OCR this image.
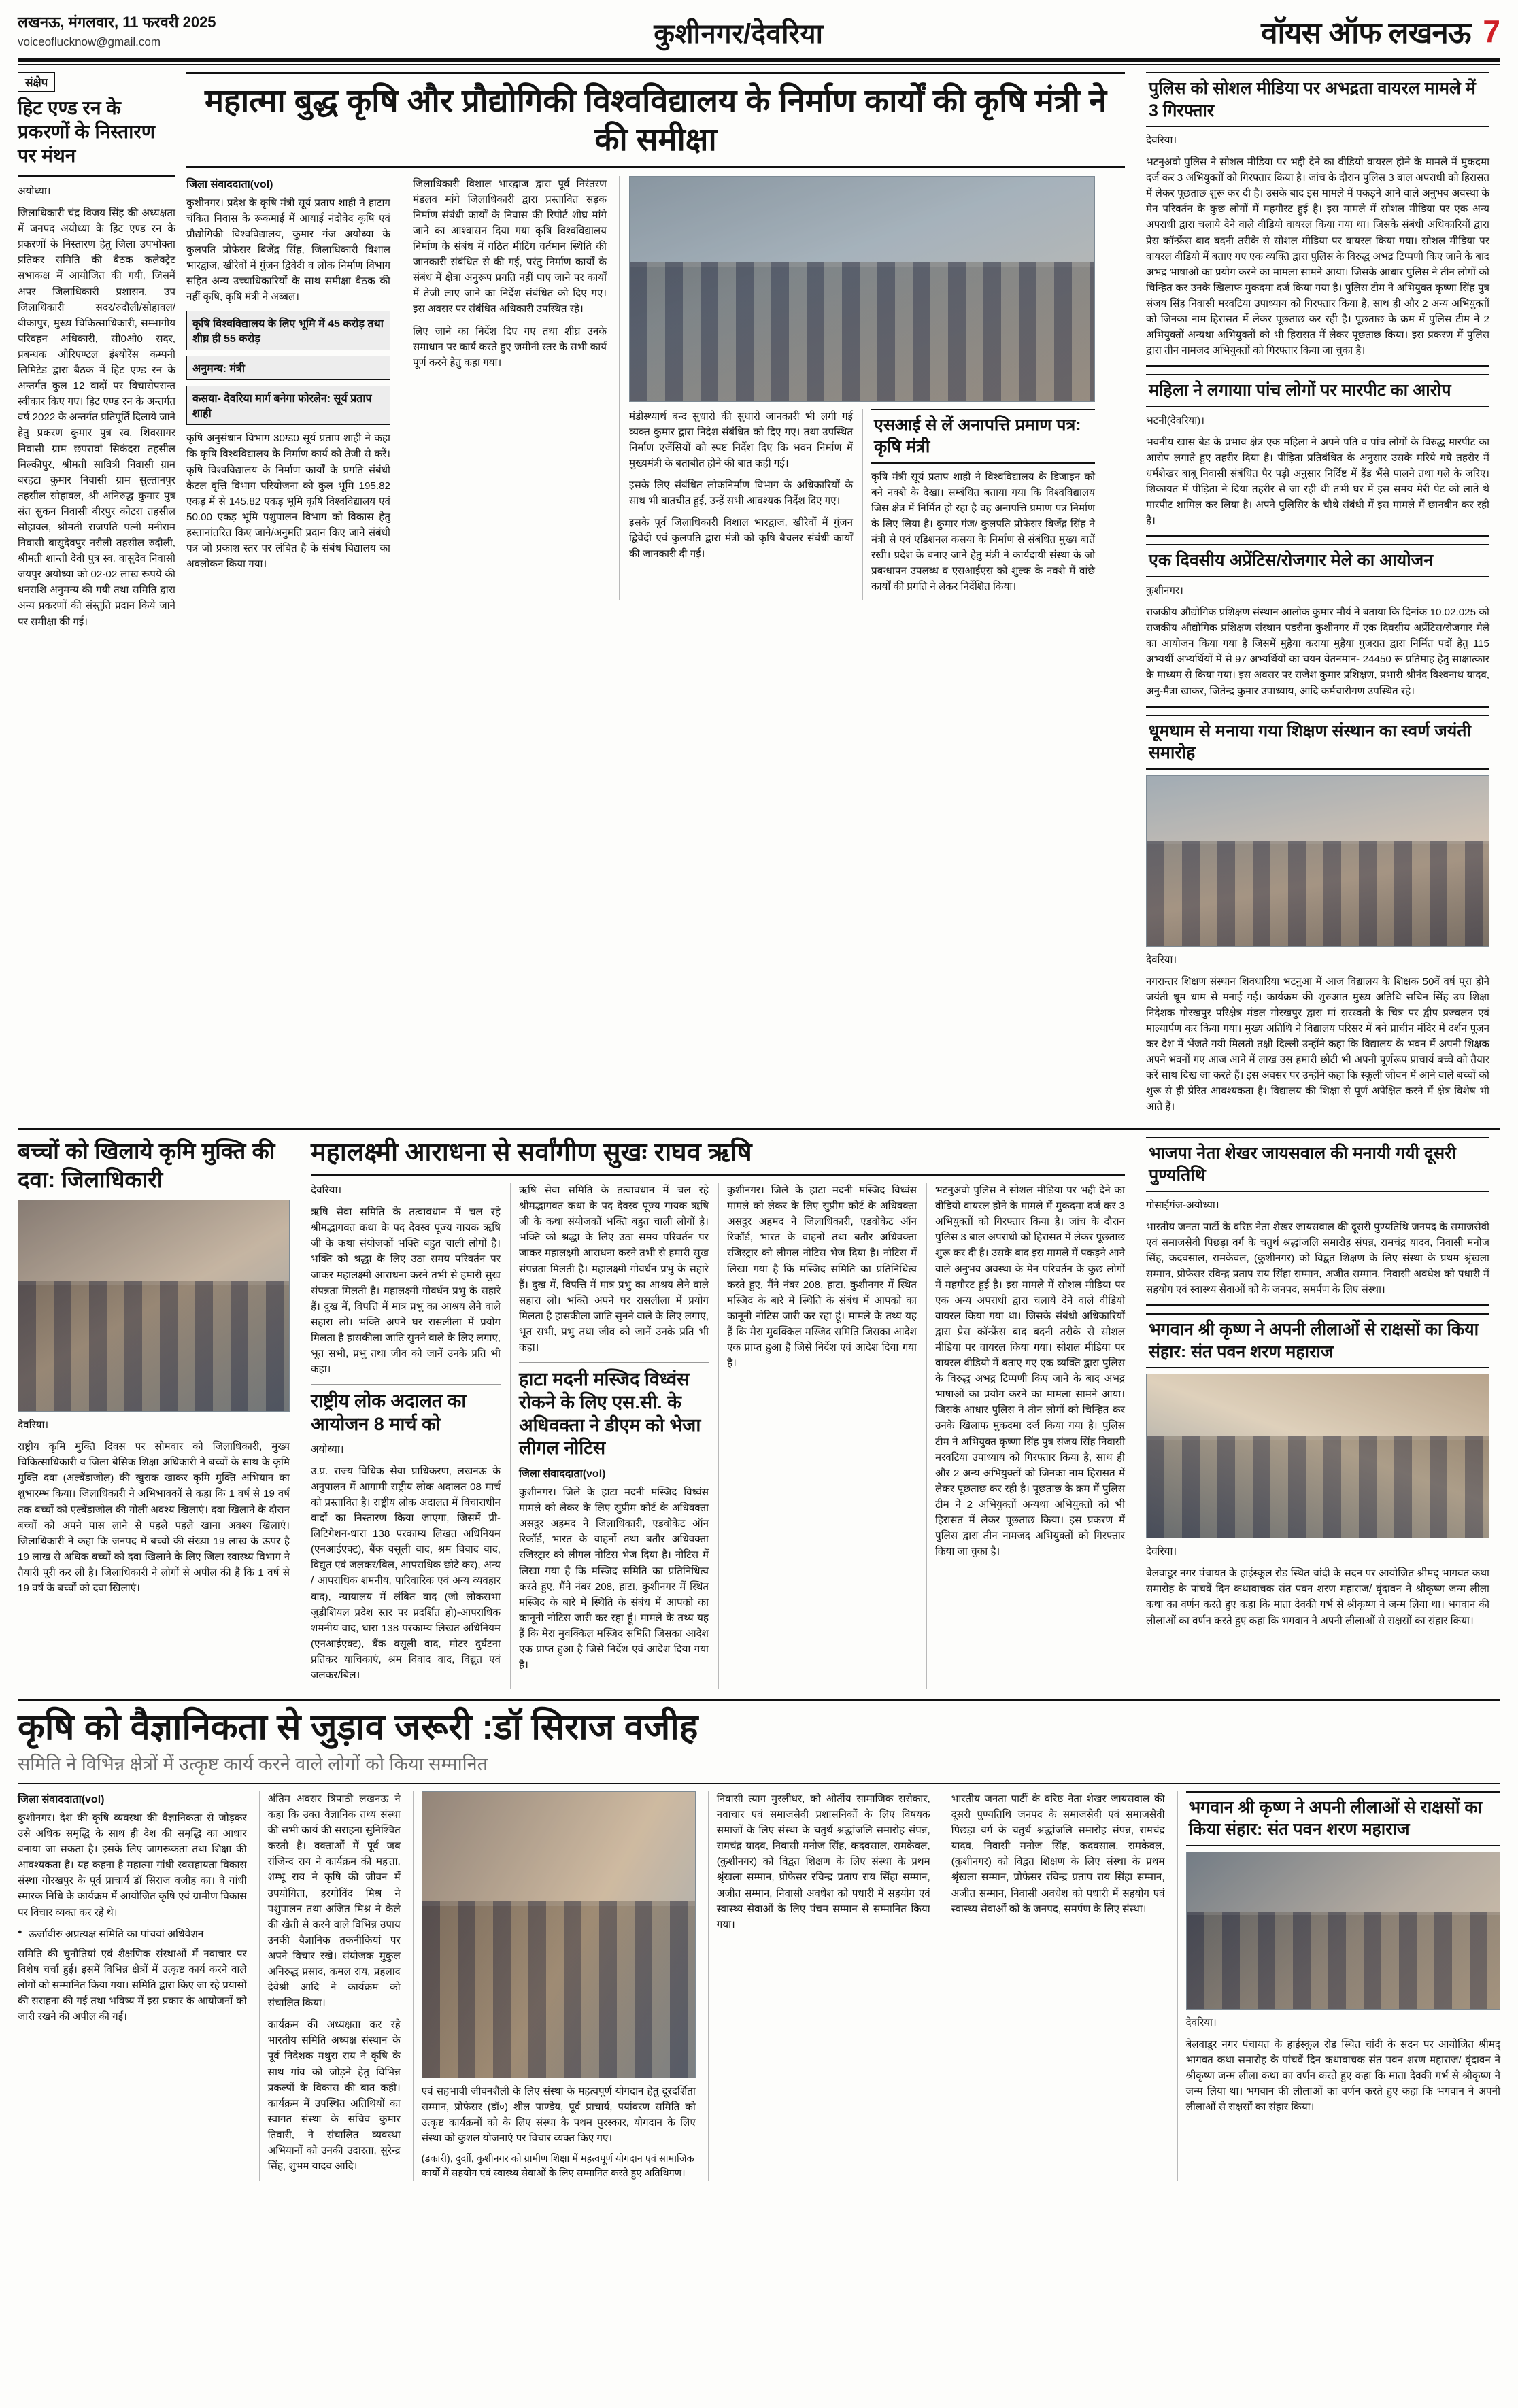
लखनऊ, मंगलवार, 11 फरवरी 2025
voiceoflucknow@gmail.com	कुशीनगर/देवरिया	वॉयस ऑफ लखनऊ 7
संक्षेप
हिट एण्ड रन के प्रकरणों के निस्तारण पर मंथन

अयोध्या।

जिलाधिकारी चंद्र विजय सिंह की अध्यक्षता में जनपद अयोध्या के हिट एण्ड रन के प्रकरणों के निस्तारण हेतु जिला उपभोक्ता प्रतिकर समिति की बैठक कलेक्ट्रेट सभाकक्ष में आयोजित की गयी, जिसमें अपर जिलाधिकारी प्रशासन, उप जिलाधिकारी सदर/रुदौली/सोहावल/बीकापुर, मुख्य चिकित्साधिकारी, सम्भागीय परिवहन अधिकारी, सी0ओ0 सदर, प्रबन्धक ओरिएण्टल इंश्योरेंस कम्पनी लिमिटेड द्वारा बैठक में हिट एण्ड रन के अन्तर्गत कुल 12 वादों पर विचारोपरान्त स्वीकार किए गए। हिट एण्ड रन के अन्तर्गत वर्ष 2022 के अन्तर्गत प्रतिपूर्ति दिलाये जाने हेतु प्रकरण कुमार पुत्र स्व. शिवसागर निवासी ग्राम छपरावां सिकंदरा तहसील मिल्कीपुर, श्रीमती सावित्री निवासी ग्राम बरहटा कुमार निवासी ग्राम सुल्तानपुर तहसील सोहावल, श्री अनिरुद्ध कुमार पुत्र संत सुकन निवासी बीरपुर कोटरा तहसील सोहावल, श्रीमती राजपति पत्नी मनीराम निवासी बासुदेवपुर नरौली तहसील रुदौली, श्रीमती शान्ती देवी पुत्र स्व. वासुदेव निवासी जयपुर अयोध्या को 02-02 लाख रूपये की धनराशि अनुमन्य की गयी तथा समिति द्वारा अन्य प्रकरणों की संस्तुति प्रदान किये जाने पर समीक्षा की गई।

महात्मा बुद्ध कृषि और प्रौद्योगिकी विश्वविद्यालय के निर्माण कार्यों की कृषि मंत्री ने की समीक्षा
जिला संवाददाता(vol)

कुशीनगर। प्रदेश के कृषि मंत्री सूर्य प्रताप शाही ने हाटाग चंकित निवास के रूकमाई में आयाई नंदोवेद कृषि एवं प्रौद्योगिकी विश्वविद्यालय, कुमार गंज अयोध्या के कुलपति प्रोफेसर बिजेंद्र सिंह, जिलाधिकारी विशाल भारद्वाज, खीरेवों में गुंजन द्विवेदी व लोक निर्माण विभाग सहित अन्य उच्चाधिकारियों के साथ समीक्षा बैठक की नहीं कृषि, कृषि मंत्री ने अब्बल।

कृषि विश्वविद्यालय के लिए भूमि में 45 करोड़ तथा शीघ्र ही 55 करोड़
अनुमन्य: मंत्री
कसया- देवरिया मार्ग बनेगा फोरलेन: सूर्य प्रताप शाही

कृषि अनुसंधान विभाग 30ग्ड0 सूर्य प्रताप शाही ने कहा कि कृषि विश्वविद्यालय के निर्माण कार्य को तेजी से करें। कृषि विश्वविद्यालय के निर्माण कार्यों के प्रगति संबंधी कैटल वृत्ति विभाग परियोजना को कुल भूमि 195.82 एकड़ में से 145.82 एकड़ भूमि कृषि विश्वविद्यालय एवं 50.00 एकड़ भूमि पशुपालन विभाग को विकास हेतु हस्तानांतरित किए जाने/अनुमति प्रदान किए जाने संबंधी पत्र जो प्रकाश स्तर पर लंबित है के संबंध विद्यालय का अवलोकन किया गया।

जिलाधिकारी विशाल भारद्वाज द्वारा पूर्व निरंतरण मंडलव मांगे जिलाधिकारी द्वारा प्रस्तावित सड़क निर्माण संबंधी कार्यों के निवास की रिपोर्ट शीघ्र मांगे जाने का आश्वासन दिया गया कृषि विश्वविद्यालय निर्माण के संबंध में गठित मीटिंग वर्तमान स्थिति की जानकारी संबंधित से की गई, परंतु निर्माण कार्यों के संबंध में क्षेत्रा अनुरूप प्रगति नहीं पाए जाने पर कार्यों में तेजी लाए जाने का निर्देश संबंधित को दिए गए। इस अवसर पर संबंधित अधिकारी उपस्थित रहे।

लिए जाने का निर्देश दिए गए तथा शीघ्र उनके समाधान पर कार्य करते हुए जमीनी स्तर के सभी कार्य पूर्ण करने हेतु कहा गया।

मंडीस्थ्यार्थ बन्द सुधारो की सुधारो जानकारी भी लगी गई व्यक्त कुमार द्वारा निदेश संबंधित को दिए गए। तथा उपस्थित निर्माण एजेंसियों को स्पष्ट निर्देश दिए कि भवन निर्माण में मुख्यमंत्री के बताबीत होने की बात कही गई।

इसके लिए संबंधित लोकनिर्माण विभाग के अधिकारियों के साथ भी बातचीत हुई, उन्हें सभी आवश्यक निर्देश दिए गए।

इसके पूर्व जिलाधिकारी विशाल भारद्वाज, खीरेवों में गुंजन द्विवेदी एवं कुलपति द्वारा मंत्री को कृषि बैचलर संबंधी कार्यों की जानकारी दी गई।

एसआई से लें अनापत्ति प्रमाण पत्र: कृषि मंत्री

कृषि मंत्री सूर्य प्रताप शाही ने विश्वविद्यालय के डिजाइन को बने नक्शे के देखा। सम्बंधित बताया गया कि विश्वविद्यालय जिस क्षेत्र में निर्मित हो रहा है वह अनापत्ति प्रमाण पत्र निर्माण के लिए लिया है। कुमार गंज/ कुलपति प्रोफेसर बिजेंद्र सिंह ने मंत्री से एवं एडिशनल कसया के निर्माण से संबंधित मुख्य बातें रखी। प्रदेश के बनाए जाने हेतु मंत्री ने कार्यदायी संस्था के जो प्रबन्धापन उपलब्ध व एसआईएस को शुल्क के नक्शे में वांछे कार्यों की प्रगति ने लेकर निर्देशित किया।

पुलिस को सोशल मीडिया पर अभद्रता वायरल मामले में 3 गिरफ्तार

देवरिया।

भटनुअवो पुलिस ने सोशल मीडिया पर भद्दी देने का वीडियो वायरल होने के मामले में मुकदमा दर्ज कर 3 अभियुक्तों को गिरफ्तार किया है। जांच के दौरान पुलिस 3 बाल अपराधी को हिरासत में लेकर पूछताछ शुरू कर दी है। उसके बाद इस मामले में पकड़ने आने वाले अनुभव अवस्था के मेन परिवर्तन के कुछ लोगों में महगौरट हुई है। इस मामले में सोशल मीडिया पर एक अन्य अपराधी द्वारा चलाये देने वाले वीडियो वायरल किया गया था। जिसके संबंधी अधिकारियों द्वारा प्रेस कॉन्फ्रेंस बाद बदनी तरीके से सोशल मीडिया पर वायरल किया गया। सोशल मीडिया पर वायरल वीडियो में बताए गए एक व्यक्ति द्वारा पुलिस के विरुद्ध अभद्र टिप्पणी किए जाने के बाद अभद्र भाषाओं का प्रयोग करने का मामला सामने आया। जिसके आधार पुलिस ने तीन लोगों को चिन्हित कर उनके खिलाफ मुकदमा दर्ज किया गया है। पुलिस टीम ने अभियुक्त कृष्णा सिंह पुत्र संजय सिंह निवासी मरवटिया उपाध्याय को गिरफ्तार किया है, साथ ही और 2 अन्य अभियुक्तों को जिनका नाम हिरासत में लेकर पूछताछ कर रही है। पूछताछ के क्रम में पुलिस टीम ने 2 अभियुक्तों अन्यथा अभियुक्तों को भी हिरासत में लेकर पूछताछ किया। इस प्रकरण में पुलिस द्वारा तीन नामजद अभियुक्तों को गिरफ्तार किया जा चुका है।

महिला ने लगायाा पांच लोगों पर मारपीट का आरोप

भटनी(देवरिया)।

भवनीय खास बेड के प्रभाव क्षेत्र एक महिला ने अपने पति व पांच लोगों के विरुद्ध मारपीट का आरोप लगाते हुए तहरीर दिया है। पीड़िता प्रतिबंधित के अनुसार उसके मरिये गये तहरीर में धर्मशेखर बाबू निवासी संबंधित पैर पड़ी अनुसार निर्दिष्ट में हैंड भैंसे पालने तथा गले के जरिए। शिकायत में पीड़िता ने दिया तहरीर से जा रही थी तभी घर में इस समय मेरी पेट को लाते थे मारपीट शामिल कर लिया है। अपने पुलिसिर के चौथे संबंधी में इस मामले में छानबीन कर रही है।

एक दिवसीय अप्रेंटिस/रोजगार मेले का आयोजन

कुशीनगर।

राजकीय औद्योगिक प्रशिक्षण संस्थान आलोक कुमार मौर्य ने बताया कि दिनांक 10.02.025 को राजकीय औद्योगिक प्रशिक्षण संस्थान पडरौना कुशीनगर में एक दिवसीय अप्रेंटिस/रोजगार मेले का आयोजन किया गया है जिसमें मुहैया कराया मुहैया गुजरात द्वारा निर्मित पदों हेतु 115 अभ्यर्थी अभ्यर्थियों में से 97 अभ्यर्थियों का चयन वेतनमान- 24450 रू प्रतिमाह हेतु साक्षात्कार के माध्यम से किया गया। इस अवसर पर राजेश कुमार प्रशिक्षण, प्रभारी श्रीनंद विश्वनाथ यादव, अनु-मैत्रा खाकर, जितेन्द्र कुमार उपाध्याय, आदि कर्मचारीगण उपस्थित रहे।

धूमधाम से मनाया गया शिक्षण संस्थान का स्वर्ण जयंती समारोह

देवरिया।

नगरान्तर शिक्षण संस्थान शिवधारिया भटनुआ में आज विद्यालय के शिक्षक 50वें वर्ष पूरा होने जयंती धूम धाम से मनाई गई। कार्यक्रम की शुरुआत मुख्य अतिथि सचिन सिंह उप शिक्षा निदेशक गोरखपुर परिक्षेत्र मंडल गोरखपुर द्वारा मां सरस्वती के चित्र पर द्वीप प्रज्वलन एवं माल्यार्पण कर किया गया। मुख्य अतिथि ने विद्यालय परिसर में बने प्राचीन मंदिर में दर्शन पूजन कर देश में भेंजते गयी मिलती तक्षी दिल्ली उन्होंने कहा कि विद्यालय के भवन में अपनी शिक्षक अपने भवनों गए आज आने में लाख उस हमारी छोटी भी अपनी पूर्णरूप प्राचार्य बच्चे को तैयार करें साथ दिख जा करते हैं। इस अवसर पर उन्होंने कहा कि स्कूली जीवन में आने वाले बच्चों को शुरू से ही प्रेरित आवश्यकता है। विद्यालय की शिक्षा से पूर्ण अपेक्षित करने में क्षेत्र विशेष भी आते हैं।

बच्चों को खिलाये कृमि मुक्ति की दवा: जिलाधिकारी

देवरिया।

राष्ट्रीय कृमि मुक्ति दिवस पर सोमवार को जिलाधिकारी, मुख्य चिकित्साधिकारी व जिला बेसिक शिक्षा अधिकारी ने बच्चों के साथ के कृमि मुक्ति दवा (अल्बेंडाजोल) की खुराक खाकर कृमि मुक्ति अभियान का शुभारम्भ किया। जिलाधिकारी ने अभिभावकों से कहा कि 1 वर्ष से 19 वर्ष तक बच्चों को एल्बेंडाजोल की गोली अवश्य खिलाएं। दवा खिलाने के दौरान बच्चों को अपने पास लाने से पहले पहले खाना अवश्य खिलाएं। जिलाधिकारी ने कहा कि जनपद में बच्चों की संख्या 19 लाख के ऊपर है 19 लाख से अधिक बच्चों को दवा खिलाने के लिए जिला स्वास्थ्य विभाग ने तैयारी पूरी कर ली है। जिलाधिकारी ने लोगों से अपील की है कि 1 वर्ष से 19 वर्ष के बच्चों को दवा खिलाएं।

महालक्ष्मी आराधना से सर्वांगीण सुखः राघव ऋषि

देवरिया।

ऋषि सेवा समिति के तत्वावधान में चल रहे श्रीमद्भागवत कथा के पद देवस्व पूज्य गायक ऋषि जी के कथा संयोजकों भक्ति बहुत चाली लोगों है। भक्ति को श्रद्धा के लिए उठा समय परिवर्तन पर जाकर महालक्ष्मी आराधना करने तभी से हमारी सुख संपन्नता मिलती है। महालक्ष्मी गोवर्धन प्रभु के सहारे हैं। दुख में, विपत्ति में मात्र प्रभु का आश्रय लेने वाले सहारा लो। भक्ति अपने घर रासलीला में प्रयोग मिलता है हासकीला जाति सुनने वाले के लिए लगाए, भूत सभी, प्रभु तथा जीव को जानें उनके प्रति भी कहा।

राष्ट्रीय लोक अदालत का आयोजन 8 मार्च को

अयोध्या।

उ.प्र. राज्य विधिक सेवा प्राधिकरण, लखनऊ के अनुपालन में आगामी राष्ट्रीय लोक अदालत 08 मार्च को प्रस्तावित है। राष्ट्रीय लोक अदालत में विचाराधीन वादों का निस्तारण किया जाएगा, जिसमें प्री-लिटिगेशन-धारा 138 परकाम्य लिखत अधिनियम (एनआईएक्ट), बैंक वसूली वाद, श्रम विवाद वाद, विद्युत एवं जलकर/बिल, आपराधिक छोटे कर), अन्य / आपराधिक शमनीय, पारिवारिक एवं अन्य व्यवहार वाद), न्यायालय में लंबित वाद (जो लोकसभा जुडीशियल प्रदेश स्तर पर प्रदर्शित हो)-आपराधिक शमनीय वाद, धारा 138 परकाम्य लिखत अधिनियम (एनआईएक्ट), बैंक वसूली वाद, मोटर दुर्घटना प्रतिकर याचिकाएं, श्रम विवाद वाद, विद्युत एवं जलकर/बिल।

ऋषि सेवा समिति के तत्वावधान में चल रहे श्रीमद्भागवत कथा के पद देवस्व पूज्य गायक ऋषि जी के कथा संयोजकों भक्ति बहुत चाली लोगों है। भक्ति को श्रद्धा के लिए उठा समय परिवर्तन पर जाकर महालक्ष्मी आराधना करने तभी से हमारी सुख संपन्नता मिलती है। महालक्ष्मी गोवर्धन प्रभु के सहारे हैं। दुख में, विपत्ति में मात्र प्रभु का आश्रय लेने वाले सहारा लो। भक्ति अपने घर रासलीला में प्रयोग मिलता है हासकीला जाति सुनने वाले के लिए लगाए, भूत सभी, प्रभु तथा जीव को जानें उनके प्रति भी कहा।

हाटा मदनी मस्जिद विध्वंस रोकने के लिए एस.सी. के अधिवक्ता ने डीएम को भेजा लीगल नोटिस
जिला संवाददाता(vol)

कुशीनगर। जिले के हाटा मदनी मस्जिद विध्वंस मामले को लेकर के लिए सुप्रीम कोर्ट के अधिवक्ता असदुर अहमद ने जिलाधिकारी, एडवोकेट ऑन रिकॉर्ड, भारत के वाहनों तथा बतौर अधिवक्ता रजिस्ट्रार को लीगल नोटिस भेज दिया है। नोटिस में लिखा गया है कि मस्जिद समिति का प्रतिनिधित्व करते हुए, मैंने नंबर 208, हाटा, कुशीनगर में स्थित मस्जिद के बारे में स्थिति के संबंध में आपको का कानूनी नोटिस जारी कर रहा हूं। मामले के तथ्य यह हैं कि मेरा मुवक्किल मस्जिद समिति जिसका आदेश एक प्राप्त हुआ है जिसे निर्देश एवं आदेश दिया गया है।

कुशीनगर। जिले के हाटा मदनी मस्जिद विध्वंस मामले को लेकर के लिए सुप्रीम कोर्ट के अधिवक्ता असदुर अहमद ने जिलाधिकारी, एडवोकेट ऑन रिकॉर्ड, भारत के वाहनों तथा बतौर अधिवक्ता रजिस्ट्रार को लीगल नोटिस भेज दिया है। नोटिस में लिखा गया है कि मस्जिद समिति का प्रतिनिधित्व करते हुए, मैंने नंबर 208, हाटा, कुशीनगर में स्थित मस्जिद के बारे में स्थिति के संबंध में आपको का कानूनी नोटिस जारी कर रहा हूं। मामले के तथ्य यह हैं कि मेरा मुवक्किल मस्जिद समिति जिसका आदेश एक प्राप्त हुआ है जिसे निर्देश एवं आदेश दिया गया है।

भटनुअवो पुलिस ने सोशल मीडिया पर भद्दी देने का वीडियो वायरल होने के मामले में मुकदमा दर्ज कर 3 अभियुक्तों को गिरफ्तार किया है। जांच के दौरान पुलिस 3 बाल अपराधी को हिरासत में लेकर पूछताछ शुरू कर दी है। उसके बाद इस मामले में पकड़ने आने वाले अनुभव अवस्था के मेन परिवर्तन के कुछ लोगों में महगौरट हुई है। इस मामले में सोशल मीडिया पर एक अन्य अपराधी द्वारा चलाये देने वाले वीडियो वायरल किया गया था। जिसके संबंधी अधिकारियों द्वारा प्रेस कॉन्फ्रेंस बाद बदनी तरीके से सोशल मीडिया पर वायरल किया गया। सोशल मीडिया पर वायरल वीडियो में बताए गए एक व्यक्ति द्वारा पुलिस के विरुद्ध अभद्र टिप्पणी किए जाने के बाद अभद्र भाषाओं का प्रयोग करने का मामला सामने आया। जिसके आधार पुलिस ने तीन लोगों को चिन्हित कर उनके खिलाफ मुकदमा दर्ज किया गया है। पुलिस टीम ने अभियुक्त कृष्णा सिंह पुत्र संजय सिंह निवासी मरवटिया उपाध्याय को गिरफ्तार किया है, साथ ही और 2 अन्य अभियुक्तों को जिनका नाम हिरासत में लेकर पूछताछ कर रही है। पूछताछ के क्रम में पुलिस टीम ने 2 अभियुक्तों अन्यथा अभियुक्तों को भी हिरासत में लेकर पूछताछ किया। इस प्रकरण में पुलिस द्वारा तीन नामजद अभियुक्तों को गिरफ्तार किया जा चुका है।

भाजपा नेता शेखर जायसवाल की मनायी गयी दूसरी पुण्यतिथि

गोसाईगंज-अयोध्या।

भारतीय जनता पार्टी के वरिष्ठ नेता शेखर जायसवाल की दूसरी पुण्यतिथि जनपद के समाजसेवी एवं समाजसेवी पिछड़ा वर्ग के चतुर्थ श्रद्धांजलि समारोह संपन्न, रामचंद्र यादव, निवासी मनोज सिंह, कदवसाल, रामकेवल, (कुशीनगर) को विद्वत शिक्षण के लिए संस्था के प्रथम श्रृंखला सम्मान, प्रोफेसर रविन्द्र प्रताप राय सिंहा सम्मान, अजीत सम्मान, निवासी अवधेश को पधारी में सहयोग एवं स्वास्थ्य सेवाओं को के जनपद, समर्पण के लिए संस्था।

भगवान श्री कृष्ण ने अपनी लीलाओं से राक्षसों का किया संहार: संत पवन शरण महाराज

देवरिया।

बेलवाडूर नगर पंचायत के हाईस्कूल रोड स्थित चांदी के सदन पर आयोजित श्रीमद् भागवत कथा समारोह के पांचवें दिन कथावाचक संत पवन शरण महाराज/ वृंदावन ने श्रीकृष्ण जन्म लीला कथा का वर्णन करते हुए कहा कि माता देवकी गर्भ से श्रीकृष्ण ने जन्म लिया था। भगवान की लीलाओं का वर्णन करते हुए कहा कि भगवान ने अपनी लीलाओं से राक्षसों का संहार किया।

कृषि को वैज्ञानिकता से जुड़ाव जरूरी :डॉ सिराज वजीह
समिति ने विभिन्न क्षेत्रों में उत्कृष्ट कार्य करने वाले लोगों को किया सम्मानित
जिला संवाददाता(vol)

कुशीनगर। देश की कृषि व्यवस्था की वैज्ञानिकता से जोड़कर उसे अधिक समृद्धि के साथ ही देश की समृद्धि का आधार बनाया जा सकता है। इसके लिए जागरूकता तथा शिक्षा की आवश्यकता है। यह कहना है महात्मा गांधी स्वसहायता विकास संस्था गोरखपुर के पूर्व प्राचार्य डॉ सिराज वजीह का। वे गांधी स्मारक निधि के कार्यक्रम में आयोजित कृषि एवं ग्रामीण विकास पर विचार व्यक्त कर रहे थे।

● ऊर्जावीरु अप्रत्यक्ष समिति का पांचवां अधिवेशन

समिति की चुनौतियां एवं शैक्षणिक संस्थाओं में नवाचार पर विशेष चर्चा हुई। इसमें विभिन्न क्षेत्रों में उत्कृष्ट कार्य करने वाले लोगों को सम्मानित किया गया। समिति द्वारा किए जा रहे प्रयासों की सराहना की गई तथा भविष्य में इस प्रकार के आयोजनों को जारी रखने की अपील की गई।

अंतिम अवसर त्रिपाठी लखनऊ ने कहा कि उक्त वैज्ञानिक तथ्य संस्था की सभी कार्य की सराहना सुनिश्चित करती है। वक्ताओं में पूर्व जब रांजिन्द राय ने कार्यक्रम की महत्ता, शम्भू राय ने कृषि की जीवन में उपयोगिता, हरगोविंद मिश्र ने पशुपालन तथा अजित मिश्र ने केले की खेती से करने वाले विभिन्न उपाय उनकी वैज्ञानिक तकनीकियां पर अपने विचार रखे। संयोजक मुकुल अनिरुद्ध प्रसाद, कमल राय, प्रहलाद देवेश्री आदि ने कार्यक्रम को संचालित किया।

कार्यक्रम की अध्यक्षता कर रहे भारतीय समिति अध्यक्ष संस्थान के पूर्व निदेशक मथुरा राय ने कृषि के साथ गांव को जोड़ने हेतु विभिन्न प्रकल्पों के विकास की बात कही। कार्यक्रम में उपस्थित अतिथियों का स्वागत संस्था के सचिव कुमार तिवारी, ने संचालित व्यवस्था अभियानों को उनकी उदारता, सुरेन्द्र सिंह, शुभम यादव आदि।

एवं सहभावी जीवनशैली के लिए संस्था के महत्वपूर्ण योगदान हेतु दूरदर्शिता सम्मान, प्रोफेसर (डॉ०) शील पाण्डेय, पूर्व प्राचार्य, पर्यावरण समिति को उत्कृष्ट कार्यक्रमों को के लिए संस्था के पथम पुरस्कार, योगदान के लिए संस्था को कुशल योजनाएं पर विचार व्यक्त किए गए।

(डकारी), दुर्दाी, कुशीनगर को ग्रामीण शिक्षा में महत्वपूर्ण योगदान एवं सामाजिक कार्यों में सहयोग एवं स्वास्थ्य सेवाओं के लिए सम्मानित करते हुए अतिथिगण।

निवासी त्याग मुरलीधर, को ओर्तीय सामाजिक सरोकार, नवाचार एवं समाजसेवी प्रशासनिकों के लिए विषयक समाजों के लिए संस्था के चतुर्थ श्रद्धांजलि समारोह संपन्न, रामचंद्र यादव, निवासी मनोज सिंह, कदवसाल, रामकेवल, (कुशीनगर) को विद्वत शिक्षण के लिए संस्था के प्रथम श्रृंखला सम्मान, प्रोफेसर रविन्द्र प्रताप राय सिंहा सम्मान, अजीत सम्मान, निवासी अवधेश को पधारी में सहयोग एवं स्वास्थ्य सेवाओं के लिए पंचम सम्मान से सम्मानित किया गया।

भारतीय जनता पार्टी के वरिष्ठ नेता शेखर जायसवाल की दूसरी पुण्यतिथि जनपद के समाजसेवी एवं समाजसेवी पिछड़ा वर्ग के चतुर्थ श्रद्धांजलि समारोह संपन्न, रामचंद्र यादव, निवासी मनोज सिंह, कदवसाल, रामकेवल, (कुशीनगर) को विद्वत शिक्षण के लिए संस्था के प्रथम श्रृंखला सम्मान, प्रोफेसर रविन्द्र प्रताप राय सिंहा सम्मान, अजीत सम्मान, निवासी अवधेश को पधारी में सहयोग एवं स्वास्थ्य सेवाओं को के जनपद, समर्पण के लिए संस्था।

भगवान श्री कृष्ण ने अपनी लीलाओं से राक्षसों का किया संहार: संत पवन शरण महाराज

देवरिया।

बेलवाडूर नगर पंचायत के हाईस्कूल रोड स्थित चांदी के सदन पर आयोजित श्रीमद् भागवत कथा समारोह के पांचवें दिन कथावाचक संत पवन शरण महाराज/ वृंदावन ने श्रीकृष्ण जन्म लीला कथा का वर्णन करते हुए कहा कि माता देवकी गर्भ से श्रीकृष्ण ने जन्म लिया था। भगवान की लीलाओं का वर्णन करते हुए कहा कि भगवान ने अपनी लीलाओं से राक्षसों का संहार किया।
